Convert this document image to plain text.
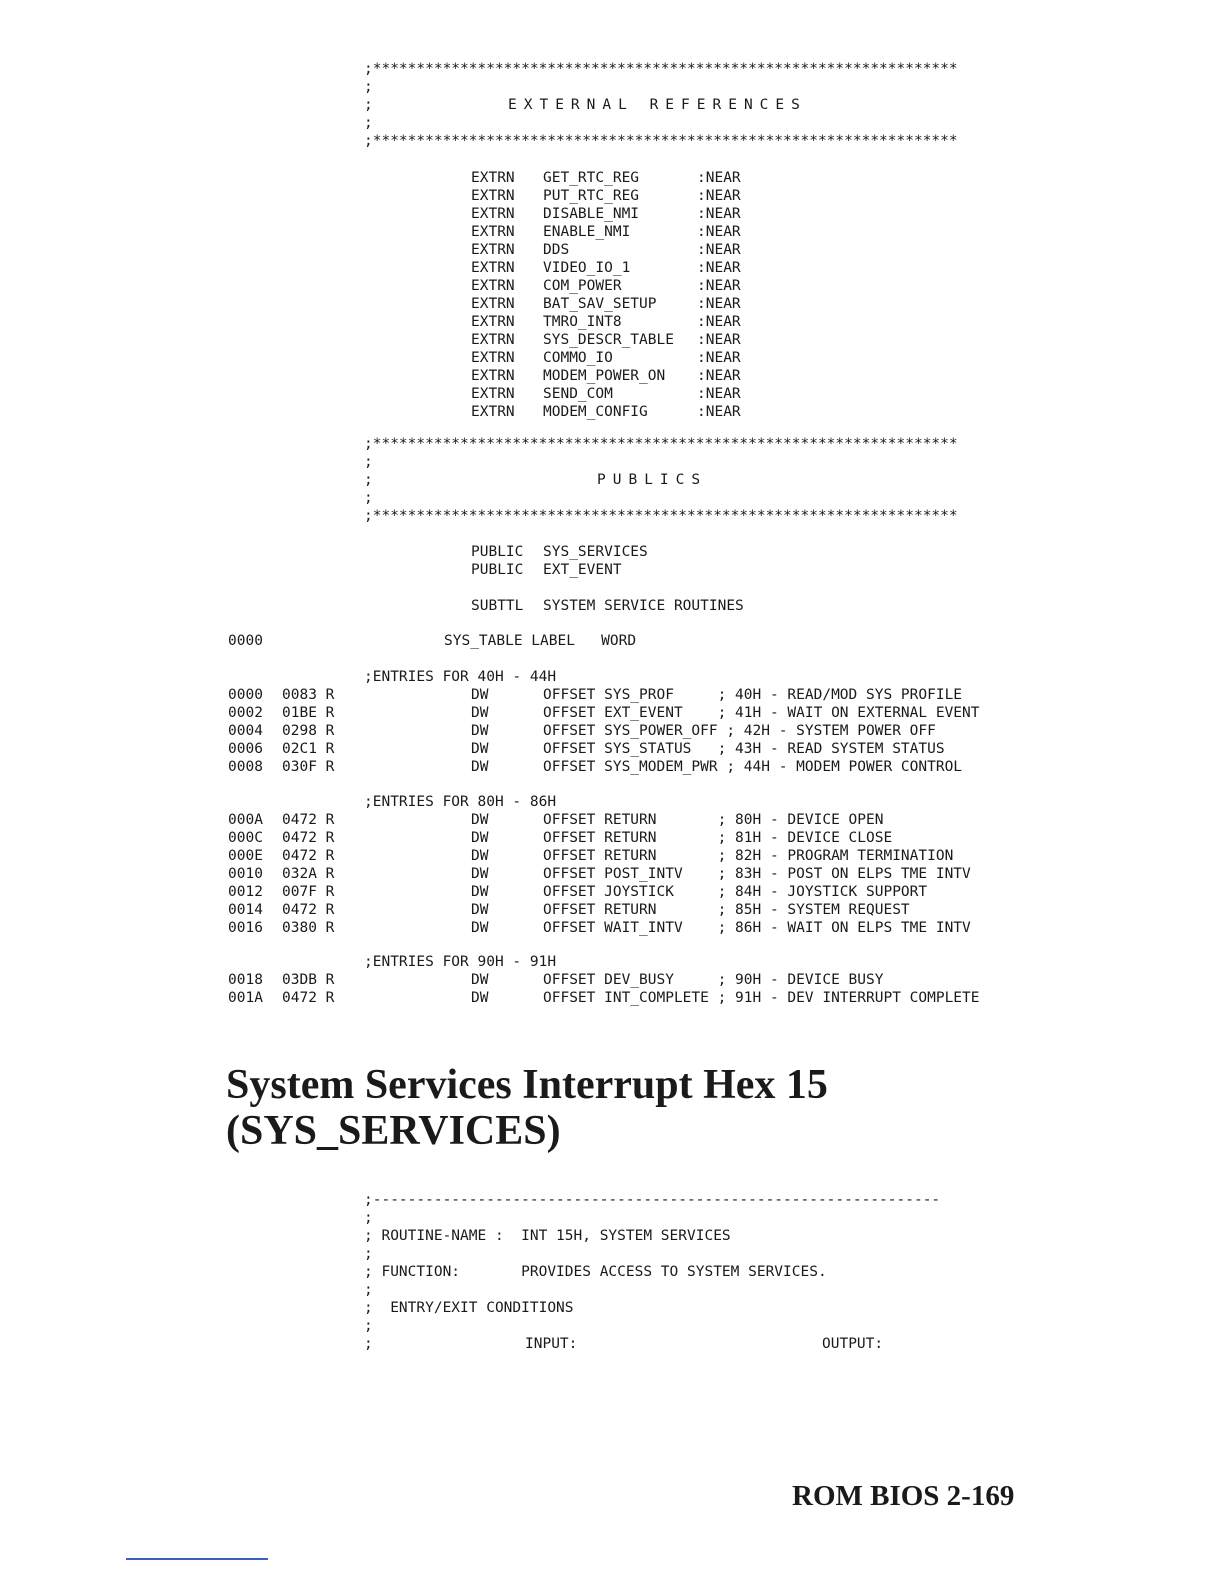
;*******************************************************************
;
;	EXTERNAL REFERENCES
;
;*******************************************************************
EXTRN GET_RTC_REG	:NEAR
EXTRN PUT_RTC_REG	:NEAR
EXTRN DISABLE_NMI	:NEAR
EXTRN ENABLE_NMI	:NEAR
EXTRN DDS	:NEAR
EXTRN VIDEO_IO_1	:NEAR
EXTRN COM_POWER	:NEAR
EXTRN BAT_SAV_SETUP	:NEAR
EXTRN TMRO_INT8	:NEAR
EXTRN SYS_DESCR_TABLE :NEAR
EXTRN COMMO_IO	:NEAR
EXTRN MODEM_POWER_ON :NEAR
EXTRN SEND_COM	:NEAR
EXTRN MODEM_CONFIG	:NEAR
;*******************************************************************
;
;	PUBLICS
;
;*******************************************************************
PUBLIC SYS_SERVICES
PUBLIC EXT_EVENT
SUBTTL SYSTEM SERVICE ROUTINES
0000	SYS_TABLE LABEL   WORD
;ENTRIES FOR 40H - 44H
0000 0083 R	DW	OFFSET SYS_PROF     ; 40H - READ/MOD SYS PROFILE
0002 01BE R	DW	OFFSET EXT_EVENT    ; 41H - WAIT ON EXTERNAL EVENT
0004 0298 R	DW	OFFSET SYS_POWER_OFF ; 42H - SYSTEM POWER OFF
0006 02C1 R	DW	OFFSET SYS_STATUS   ; 43H - READ SYSTEM STATUS
0008 030F R	DW	OFFSET SYS_MODEM_PWR ; 44H - MODEM POWER CONTROL
;ENTRIES FOR 80H - 86H
000A 0472 R	DW	OFFSET RETURN       ; 80H - DEVICE OPEN
000C 0472 R	DW	OFFSET RETURN       ; 81H - DEVICE CLOSE
000E 0472 R	DW	OFFSET RETURN       ; 82H - PROGRAM TERMINATION
0010 032A R	DW	OFFSET POST_INTV    ; 83H - POST ON ELPS TME INTV
0012 007F R	DW	OFFSET JOYSTICK     ; 84H - JOYSTICK SUPPORT
0014 0472 R	DW	OFFSET RETURN       ; 85H - SYSTEM REQUEST
0016 0380 R	DW	OFFSET WAIT_INTV    ; 86H - WAIT ON ELPS TME INTV
;ENTRIES FOR 90H - 91H
0018 03DB R	DW	OFFSET DEV_BUSY     ; 90H - DEVICE BUSY
001A 0472 R	DW	OFFSET INT_COMPLETE ; 91H - DEV INTERRUPT COMPLETE
System Services Interrupt Hex 15
(SYS_SERVICES)
;-----------------------------------------------------------------
;
; ROUTINE-NAME :  INT 15H, SYSTEM SERVICES
;
; FUNCTION:       PROVIDES ACCESS TO SYSTEM SERVICES.
;
;  ENTRY/EXIT CONDITIONS
;
;	INPUT:	OUTPUT:
ROM BIOS 2-169
